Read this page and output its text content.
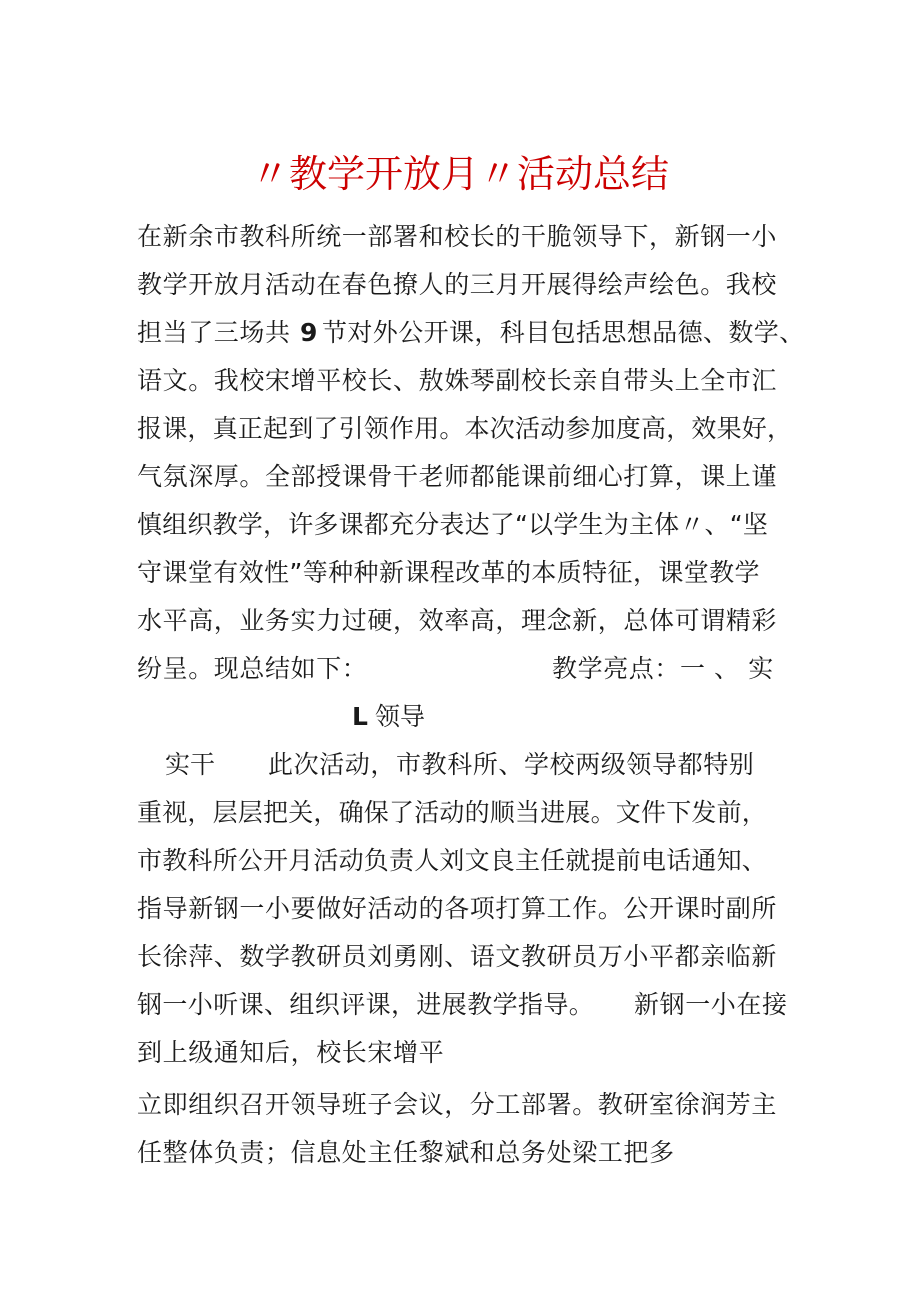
〃教学开放月〃活动总结
在新余市教科所统一部署和校长的干脆领导下，新钢一小
教学开放月活动在春色撩人的三月开展得绘声绘色。我校
担当了三场共 9 节对外公开课，科目包括思想品德、数学、
语文。我校宋增平校长、敖姝琴副校长亲自带头上全市汇
报课，真正起到了引领作用。本次活动参加度高，效果好，
气氛深厚。全部授课骨干老师都能课前细心打算，课上谨
慎组织教学，许多课都充分表达了“以学生为主体〃、“坚
守课堂有效性”等种种新课程改革的本质特征，课堂教学
水平高，业务实力过硬，效率高，理念新，总体可谓精彩
纷呈。现总结如下：	教学亮点：一 、 实
L 领导
实干 此次活动，市教科所、学校两级领导都特别
重视，层层把关，确保了活动的顺当进展。文件下发前，
市教科所公开月活动负责人刘文良主任就提前电话通知、
指导新钢一小要做好活动的各项打算工作。公开课时副所
长徐萍、数学教研员刘勇刚、语文教研员万小平都亲临新
钢一小听课、组织评课，进展教学指导。 新钢一小在接
到上级通知后，校长宋增平
立即组织召开领导班子会议，分工部署。教研室徐润芳主
任整体负责；信息处主任黎斌和总务处梁工把多
